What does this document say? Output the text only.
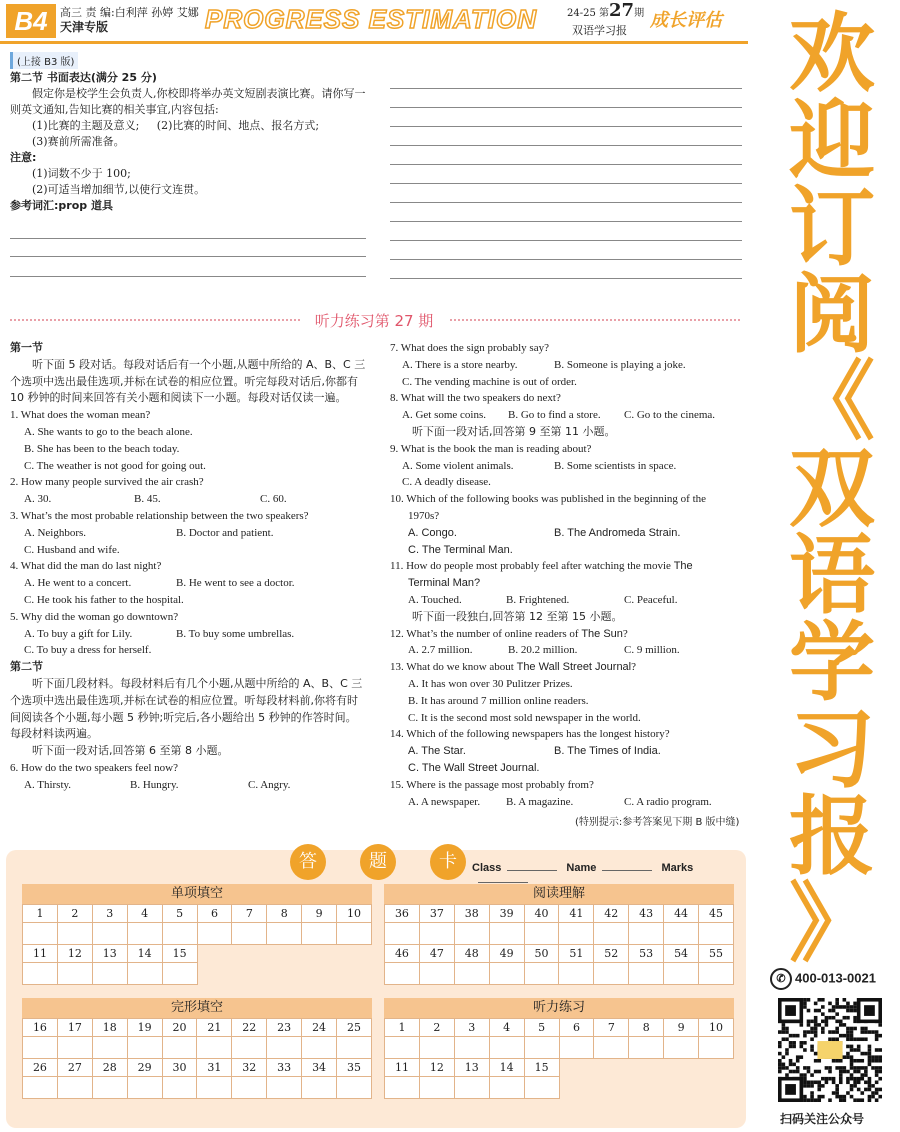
B4	高三 责 编:白利萍 孙婷 艾娜
天津专版	PROGRESS ESTIMATION	24-25 第27期
双语学习报 成长评估
(上接 B3 版)

第二节 书面表达(满分 25 分)

假定你是校学生会负责人,你校即将举办英文短剧表演比赛。请你写一则英文通知,告知比赛的相关事宜,内容包括:

(1)比赛的主题及意义; (2)比赛的时间、地点、报名方式;

(3)赛前所需准备。

注意:

(1)词数不少于 100;

(2)可适当增加细节,以使行文连贯。

参考词汇:prop 道具

听力练习第 27 期

第一节

听下面 5 段对话。每段对话后有一个小题,从题中所给的 A、B、C 三个选项中选出最佳选项,并标在试卷的相应位置。听完每段对话后,你都有 10 秒钟的时间来回答有关小题和阅读下一小题。每段对话仅读一遍。

1. What does the woman mean?

A. She wants to go to the beach alone.

B. She has been to the beach today.

C. The weather is not good for going out.

2. How many people survived the air crash?

A. 30.	B. 45.	C. 60.

3. What’s the most probable relationship between the two speakers?

A. Neighbors.	B. Doctor and patient.

C. Husband and wife.

4. What did the man do last night?

A. He went to a concert.	B. He went to see a doctor.

C. He took his father to the hospital.

5. Why did the woman go downtown?

A. To buy a gift for Lily.	B. To buy some umbrellas.

C. To buy a dress for herself.

第二节

听下面几段材料。每段材料后有几个小题,从题中所给的 A、B、C 三个选项中选出最佳选项,并标在试卷的相应位置。听每段材料前,你将有时间阅读各个小题,每小题 5 秒钟;听完后,各小题给出 5 秒钟的作答时间。每段材料读两遍。

听下面一段对话,回答第 6 至第 8 小题。

6. How do the two speakers feel now?

A. Thirsty.	B. Hungry.	C. Angry.

7. What does the sign probably say?

A. There is a store nearby.	B. Someone is playing a joke.

C. The vending machine is out of order.

8. What will the two speakers do next?

A. Get some coins. B. Go to find a store. C. Go to the cinema.

听下面一段对话,回答第 9 至第 11 小题。

9. What is the book the man is reading about?

A. Some violent animals.	B. Some scientists in space.

C. A deadly disease.

10. Which of the following books was published in the beginning of the

1970s?

A. Congo.	B. The Andromeda Strain.

C. The Terminal Man.

11. How do people most probably feel after watching the movie The

Terminal Man?

A. Touched.	B. Frightened.	C. Peaceful.

听下面一段独白,回答第 12 至第 15 小题。

12. What’s the number of online readers of The Sun?

A. 2.7 million.	B. 20.2 million.	C. 9 million.

13. What do we know about The Wall Street Journal?

A. It has won over 30 Pulitzer Prizes.

B. It has around 7 million online readers.

C. It is the second most sold newspaper in the world.

14. Which of the following newspapers has the longest history?

A. The Star.	B. The Times of India.

C. The Wall Street Journal.

15. Where is the passage most probably from?

A. A newspaper. B. A magazine.	C. A radio program.
(特别提示:参考答案见下期 B 版中缝)
答	题	卡	Class	Name	Marks
单项填空
1	2	3	4	5	6	7	8	9	10

11	12	13	14	15					

阅读理解
36	37	38	39	40	41	42	43	44	45

46	47	48	49	50	51	52	53	54	55

完形填空
16	17	18	19	20	21	22	23	24	25

26	27	28	29	30	31	32	33	34	35

听力练习
1	2	3	4	5	6	7	8	9	10

11	12	13	14	15					

欢
迎
订
阅
《
双
语
学
习
报
》
✆ 400-013-0021
扫码关注公众号
